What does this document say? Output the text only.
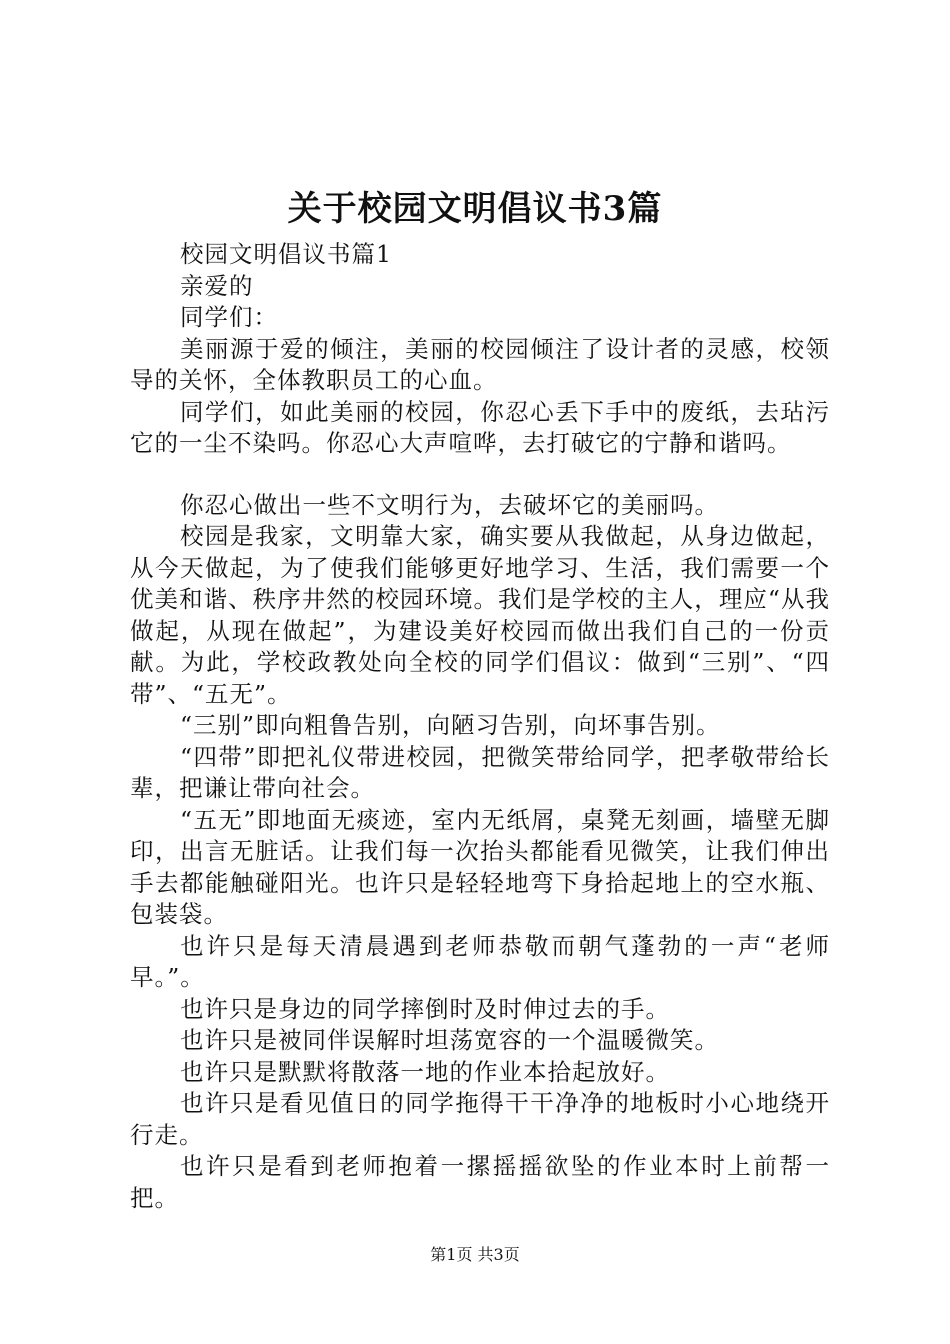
关于校园文明倡议书3篇

校园文明倡议书篇1

亲爱的

同学们：

美丽源于爱的倾注，美丽的校园倾注了设计者的灵感，校领导的关怀，全体教职员工的心血。

同学们，如此美丽的校园，你忍心丢下手中的废纸，去玷污它的一尘不染吗。你忍心大声喧哗，去打破它的宁静和谐吗。

你忍心做出一些不文明行为，去破坏它的美丽吗。

校园是我家，文明靠大家，确实要从我做起，从身边做起，从今天做起，为了使我们能够更好地学习、生活，我们需要一个优美和谐、秩序井然的校园环境。我们是学校的主人，理应“从我做起，从现在做起”，为建设美好校园而做出我们自己的一份贡献。为此，学校政教处向全校的同学们倡议：做到“三别”、“四带”、“五无”。

“三别”即向粗鲁告别，向陋习告别，向坏事告别。

“四带”即把礼仪带进校园，把微笑带给同学，把孝敬带给长辈，把谦让带向社会。

“五无”即地面无痰迹，室内无纸屑，桌凳无刻画，墙壁无脚印，出言无脏话。让我们每一次抬头都能看见微笑，让我们伸出手去都能触碰阳光。也许只是轻轻地弯下身拾起地上的空水瓶、包装袋。

也许只是每天清晨遇到老师恭敬而朝气蓬勃的一声“老师早。”。

也许只是身边的同学摔倒时及时伸过去的手。

也许只是被同伴误解时坦荡宽容的一个温暖微笑。

也许只是默默将散落一地的作业本拾起放好。

也许只是看见值日的同学拖得干干净净的地板时小心地绕开行走。

也许只是看到老师抱着一摞摇摇欲坠的作业本时上前帮一把。

第1页 共3页
